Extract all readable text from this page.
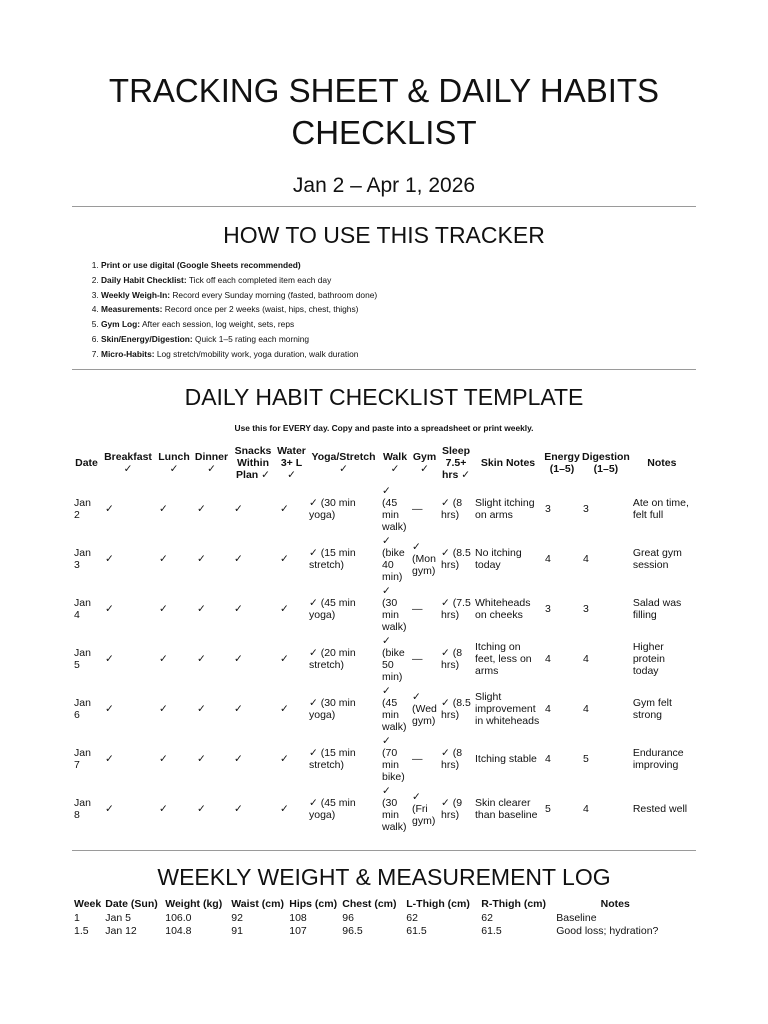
TRACKING SHEET & DAILY HABITS
CHECKLIST
Jan 2 – Apr 1, 2026
HOW TO USE THIS TRACKER
1. Print or use digital (Google Sheets recommended)
2. Daily Habit Checklist: Tick off each completed item each day
3. Weekly Weigh-In: Record every Sunday morning (fasted, bathroom done)
4. Measurements: Record once per 2 weeks (waist, hips, chest, thighs)
5. Gym Log: After each session, log weight, sets, reps
6. Skin/Energy/Digestion: Quick 1–5 rating each morning
7. Micro-Habits: Log stretch/mobility work, yoga duration, walk duration
DAILY HABIT CHECKLIST TEMPLATE
Use this for EVERY day. Copy and paste into a spreadsheet or print weekly.
Date	Breakfast ✓	Lunch ✓	Dinner ✓	Snacks Within Plan ✓	Water 3+ L ✓	Yoga/Stretch ✓	Walk ✓	Gym ✓	Sleep 7.5+ hrs ✓	Skin Notes	Energy (1–5)	Digestion (1–5)	Notes
Jan 2	✓	✓	✓	✓	✓	✓ (30 min yoga)	✓ (45 min walk)	—	✓ (8 hrs)	Slight itching on arms	3	3	Ate on time, felt full
Jan 3	✓	✓	✓	✓	✓	✓ (15 min stretch)	✓ (bike 40 min)	✓ (Mon gym)	✓ (8.5 hrs)	No itching today	4	4	Great gym session
Jan 4	✓	✓	✓	✓	✓	✓ (45 min yoga)	✓ (30 min walk)	—	✓ (7.5 hrs)	Whiteheads on cheeks	3	3	Salad was filling
Jan 5	✓	✓	✓	✓	✓	✓ (20 min stretch)	✓ (bike 50 min)	—	✓ (8 hrs)	Itching on feet, less on arms	4	4	Higher protein today
Jan 6	✓	✓	✓	✓	✓	✓ (30 min yoga)	✓ (45 min walk)	✓ (Wed gym)	✓ (8.5 hrs)	Slight improvement in whiteheads	4	4	Gym felt strong
Jan 7	✓	✓	✓	✓	✓	✓ (15 min stretch)	✓ (70 min bike)	—	✓ (8 hrs)	Itching stable	4	5	Endurance improving
Jan 8	✓	✓	✓	✓	✓	✓ (45 min yoga)	✓ (30 min walk)	✓ (Fri gym)	✓ (9 hrs)	Skin clearer than baseline	5	4	Rested well
WEEKLY WEIGHT & MEASUREMENT LOG
Week	Date (Sun)	Weight (kg)	Waist (cm)	Hips (cm)	Chest (cm)	L-Thigh (cm)	R-Thigh (cm)	Notes
1	Jan 5	106.0	92	108	96	62	62	Baseline
1.5	Jan 12	104.8	91	107	96.5	61.5	61.5	Good loss; hydration?
